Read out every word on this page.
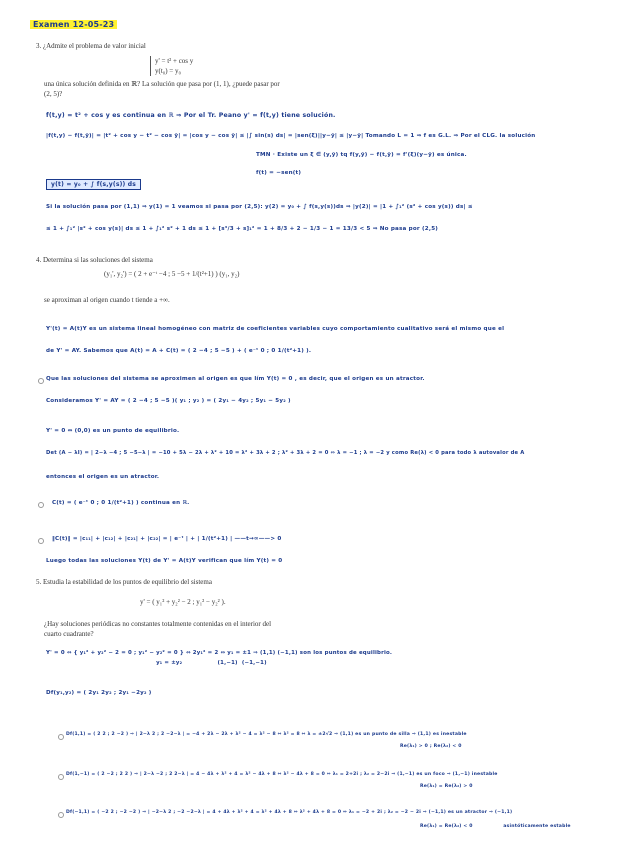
Examen 12-05-23
3. ¿Admite el problema de valor inicial
y' = t² + cos y
y(t₀) = y₀
una única solución definida en ℝ? La solución que pasa por (1, 1), ¿puede pasar por
(2, 5)?
f(t,y) = t² + cos y es continua en ℝ ⇒ Por el Tr. Peano y' = f(t,y) tiene solución.
|f(t,y) − f(t,ȳ)| = |t² + cos y − t² − cos ȳ| = |cos y − cos ȳ| ≤ |∫ sin(s) ds| = |sen(ξ)||y−ȳ| ≤ |y−ȳ| Tomando L = 1 ⇒ f es G.L. ⇒ Por el CLG. la solución
TMN · Existe un ξ ∈ (y,ȳ) tq f(y,ȳ) − f(t,ȳ) = f'(ξ)(y−ȳ) es única.
f(t) = −sen(t)
y(t) = y₀ + ∫ f(s,y(s)) ds
Si la solución pasa por (1,1) ⇒ y(1) = 1 veamos si pasa por (2,5): y(2) = y₀ + ∫ f(s,y(s))ds ⇒ |y(2)| = |1 + ∫₁² (s² + cos y(s)) ds| ≤
≤ 1 + ∫₁² |s² + cos y(s)| ds ≤ 1 + ∫₁² s² + 1 ds ≤ 1 + [s³/3 + s]₁² = 1 + 8/3 + 2 − 1/3 − 1 = 13/3 < 5 ⇒ No pasa por (2,5)
4. Determina si las soluciones del sistema
(y₁', y₂') = ( 2 + e⁻ᵗ −4 ; 5 −5 + 1/(t²+1) ) (y₁, y₂)
se aproximan al origen cuando t tiende a +∞.
Y'(t) = A(t)Y es un sistema lineal homogéneo con matriz de coeficientes variables cuyo comportamiento cualitativo será el mismo que el
de Y' = AY. Sabemos que A(t) = A + C(t) = ( 2 −4 ; 5 −5 ) + ( e⁻ᵗ 0 ; 0 1/(t²+1) ).
Que las soluciones del sistema se aproximen al origen es que lím Y(t) = 0 , es decir, que el origen es un atractor.
Consideramos Y' = AY = ( 2 −4 ; 5 −5 )( y₁ ; y₂ ) = ( 2y₁ − 4y₂ ; 5y₁ − 5y₂ )
Y' = 0 ⇔ (0,0) es un punto de equilibrio.
Det (A − λI) = | 2−λ −4 ; 5 −5−λ | = −10 + 5λ − 2λ + λ² + 10 = λ² + 3λ + 2 ; λ² + 3λ + 2 = 0 ⇔ λ = −1 ; λ = −2 y como Re(λ) < 0 para todo λ autovalor de A
entonces el origen es un atractor.
C(t) = ( e⁻ᵗ 0 ; 0 1/(t²+1) ) continua en ℝ.
‖C(t)‖ = |c₁₁| + |c₁₂| + |c₂₁| + |c₂₂| = | e⁻ᵗ | + | 1/(t²+1) | ——t→∞——> 0
Luego todas las soluciones Y(t) de Y' = A(t)Y verifican que lím Y(t) = 0
5. Estudia la estabilidad de los puntos de equilibrio del sistema
y' = ( y₁² + y₂² − 2 ; y₁² − y₂² ).
¿Hay soluciones periódicas no constantes totalmente contenidas en el interior del
cuarto cuadrante?
Y' = 0 ⇔ { y₁² + y₂² − 2 = 0 ; y₁² − y₂² = 0 } ⇔ 2y₁² = 2 ⇔ y₁ = ±1 ⇒ (1,1) (−1,1) son los puntos de equilibrio.
y₁ = ±y₂                 (1,−1)  (−1,−1)
Df(y₁,y₂) = ( 2y₁ 2y₂ ; 2y₁ −2y₂ )
Df(1,1) = ( 2 2 ; 2 −2 ) ⇒ | 2−λ 2 ; 2 −2−λ | = −4 + 2λ − 2λ + λ² − 4 = λ² − 8 ⇔ λ² = 8 ⇔ λ = ±2√2 ⇒ (1,1) es un punto de silla ⇒ (1,1) es inestable
Re(λ₁) > 0 ; Re(λ₂) < 0
Df(1,−1) = ( 2 −2 ; 2 2 ) ⇒ | 2−λ −2 ; 2 2−λ | = 4 − 4λ + λ² + 4 = λ² − 4λ + 8 ⇔ λ² − 4λ + 8 = 0 ⇔ λ₁ = 2+2i ; λ₂ = 2−2i ⇒ (1,−1) es un foco ⇒ (1,−1) inestable
Re(λ₁) = Re(λ₂) > 0
Df(−1,1) = ( −2 2 ; −2 −2 ) ⇒ | −2−λ 2 ; −2 −2−λ | = 4 + 4λ + λ² + 4 = λ² + 4λ + 8 ⇔ λ² + 4λ + 8 = 0 ⇔ λ₁ = −2 + 2i ; λ₂ = −2 − 2i ⇒ (−1,1) es un atractor ⇒ (−1,1)
Re(λ₁) = Re(λ₂) < 0                 asintóticamente estable
